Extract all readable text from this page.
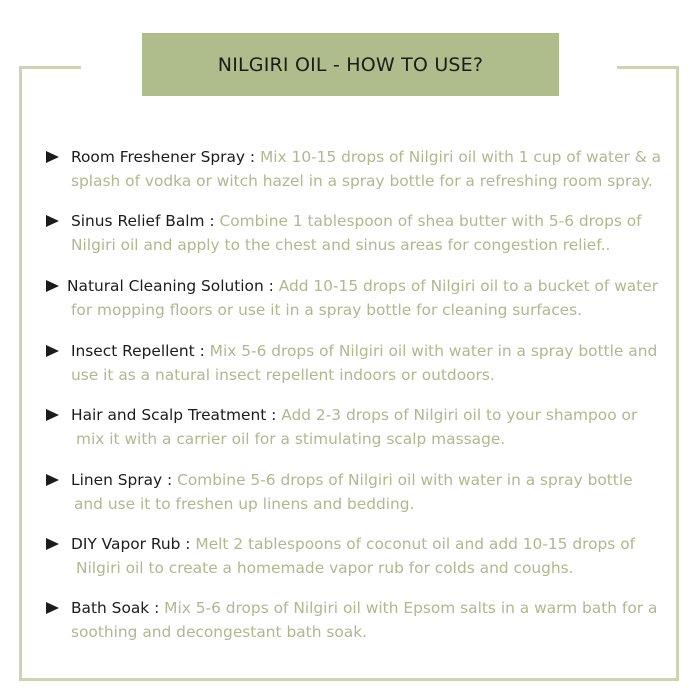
NILGIRI OIL - HOW TO USE?
Room Freshener Spray : Mix 10-15 drops of Nilgiri oil with 1 cup of water & a
splash of vodka or witch hazel in a spray bottle for a refreshing room spray.
Sinus Relief Balm : Combine 1 tablespoon of shea butter with 5-6 drops of
Nilgiri oil and apply to the chest and sinus areas for congestion relief..
Natural Cleaning Solution : Add 10-15 drops of Nilgiri oil to a bucket of water
for mopping floors or use it in a spray bottle for cleaning surfaces.
Insect Repellent : Mix 5-6 drops of Nilgiri oil with water in a spray bottle and
use it as a natural insect repellent indoors or outdoors.
Hair and Scalp Treatment : Add 2-3 drops of Nilgiri oil to your shampoo or
mix it with a carrier oil for a stimulating scalp massage.
Linen Spray : Combine 5-6 drops of Nilgiri oil with water in a spray bottle
and use it to freshen up linens and bedding.
DIY Vapor Rub : Melt 2 tablespoons of coconut oil and add 10-15 drops of
Nilgiri oil to create a homemade vapor rub for colds and coughs.
Bath Soak : Mix 5-6 drops of Nilgiri oil with Epsom salts in a warm bath for a
soothing and decongestant bath soak.
